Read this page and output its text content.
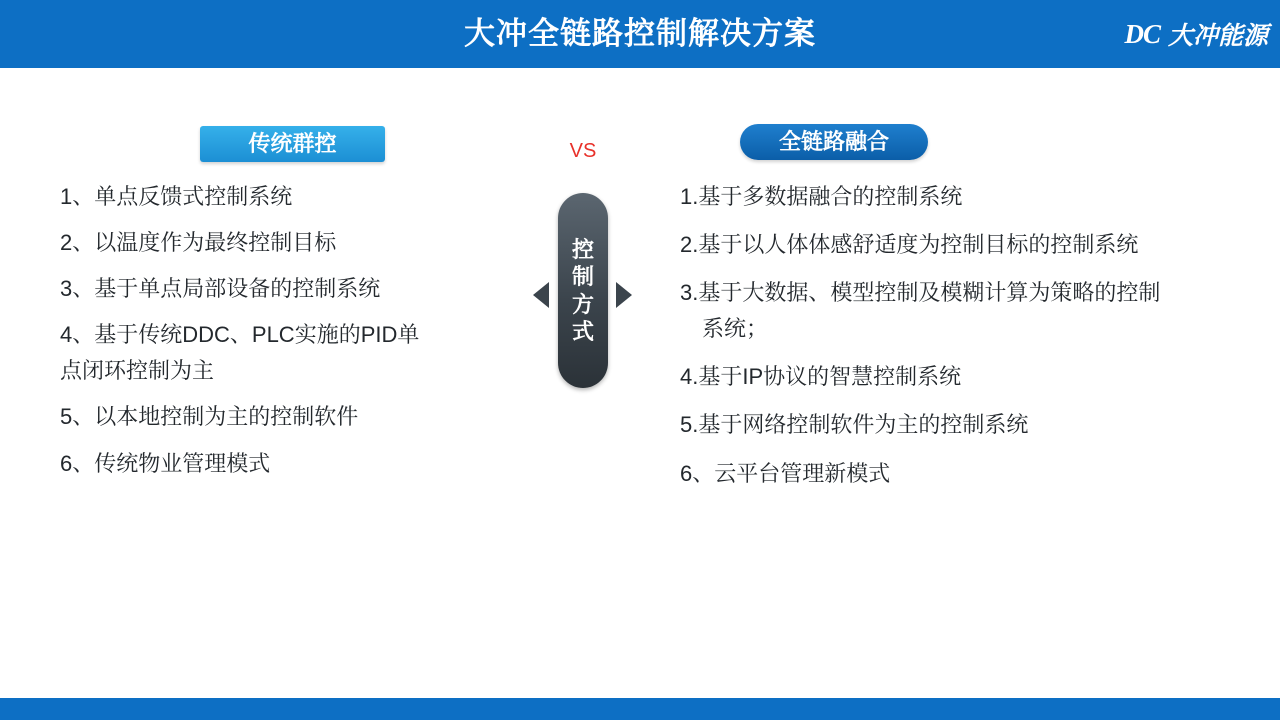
大冲全链路控制解决方案	DC 大冲能源
传统群控	全链路融合
VS
控
制
方
式
1、单点反馈式控制系统
2、以温度作为最终控制目标
3、基于单点局部设备的控制系统
4、基于传统DDC、PLC实施的PID单
点闭环控制为主
5、以本地控制为主的控制软件
6、传统物业管理模式
1.基于多数据融合的控制系统
2.基于以人体体感舒适度为控制目标的控制系统
3.基于大数据、模型控制及模糊计算为策略的控制
系统；
4.基于IP协议的智慧控制系统
5.基于网络控制软件为主的控制系统
6、云平台管理新模式
